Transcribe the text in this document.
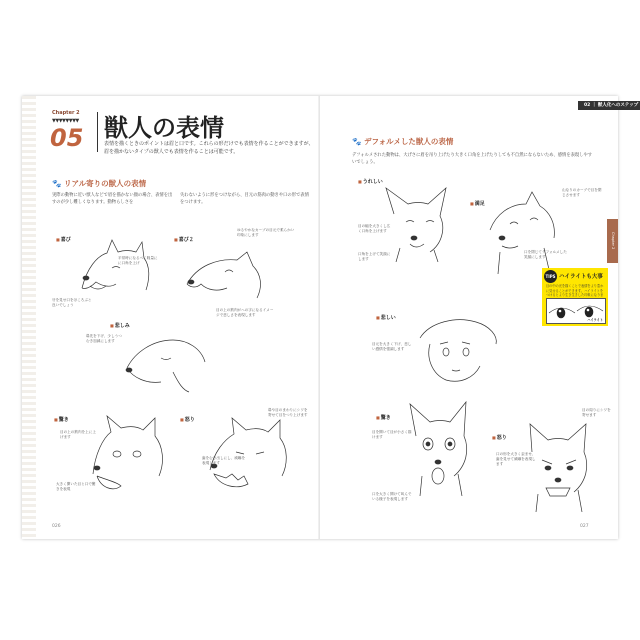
Chapter 2
▼▼▼▼▼▼▼▼
05 獣人の表情
表情を描くときのポイントは眉と口です。これらの形だけでも表情を作ることができますが、眉を描かないタイプの獣人でも表情を作ることは可能です。
🐾 リアル寄りの獣人の表情
実際の動物に近い獣人などで眉を描かない顔の場合、表情を出すのが少し難しくなります。動物らしさを
失わないように形をつけながら、目元の筋肉の動きや口の形で表情をつけます。
■ 喜び
平常時になるべく軽量にに口角を上げ
牙を見せ口をほころぶと良いでしょう
■ 喜び２
ゆるやかなカーブの目元で柔らかい印象にします
■ 悲しみ
鼻先を下げ、少しうつむき加減にします
目の上の筋肉がへの字になるイメージで悲しさを表現します
■ 驚き
目の上の筋肉を上に上げます
大きく開いた目と口で驚きを表現
■ 怒り
鼻や目のまわりにシワを寄せて目をつり上げます
歯をむき出しにし、威嚇を表現します
026
02 ｜ 獣人化へのステップ
Chapter 2
🐾 デフォルメした獣人の表情
デフォルメされた動物は、大げさに眉を吊り上げたり大きく口角を上げたりしても不自然にならないため、感情を表現しやすいでしょう。
■ うれしい
目の幅を大きくし広く口角を上げます
口角を上げて笑顔にします
■ 満足
山なりのカーブで目を閉じさせます
口を閉じてデフォルメした笑顔にします
TIPS ハイライトも大事
目の中の光を描くことで表情をより豊かに見せることができます。ハイライトをつけるとより生き生きした印象になりま
ハイライト
■ 悲しい
目元を大きく下げ、悲しい感情を強調します
■ 驚き
目を開いて目が小さく描けます
口を大きく開けて叫んでいる様子を表現します
■ 怒り
目の周りにシワを寄せます
口の形を大きく歪ませ、歯を見せて威嚇を表現します
027
